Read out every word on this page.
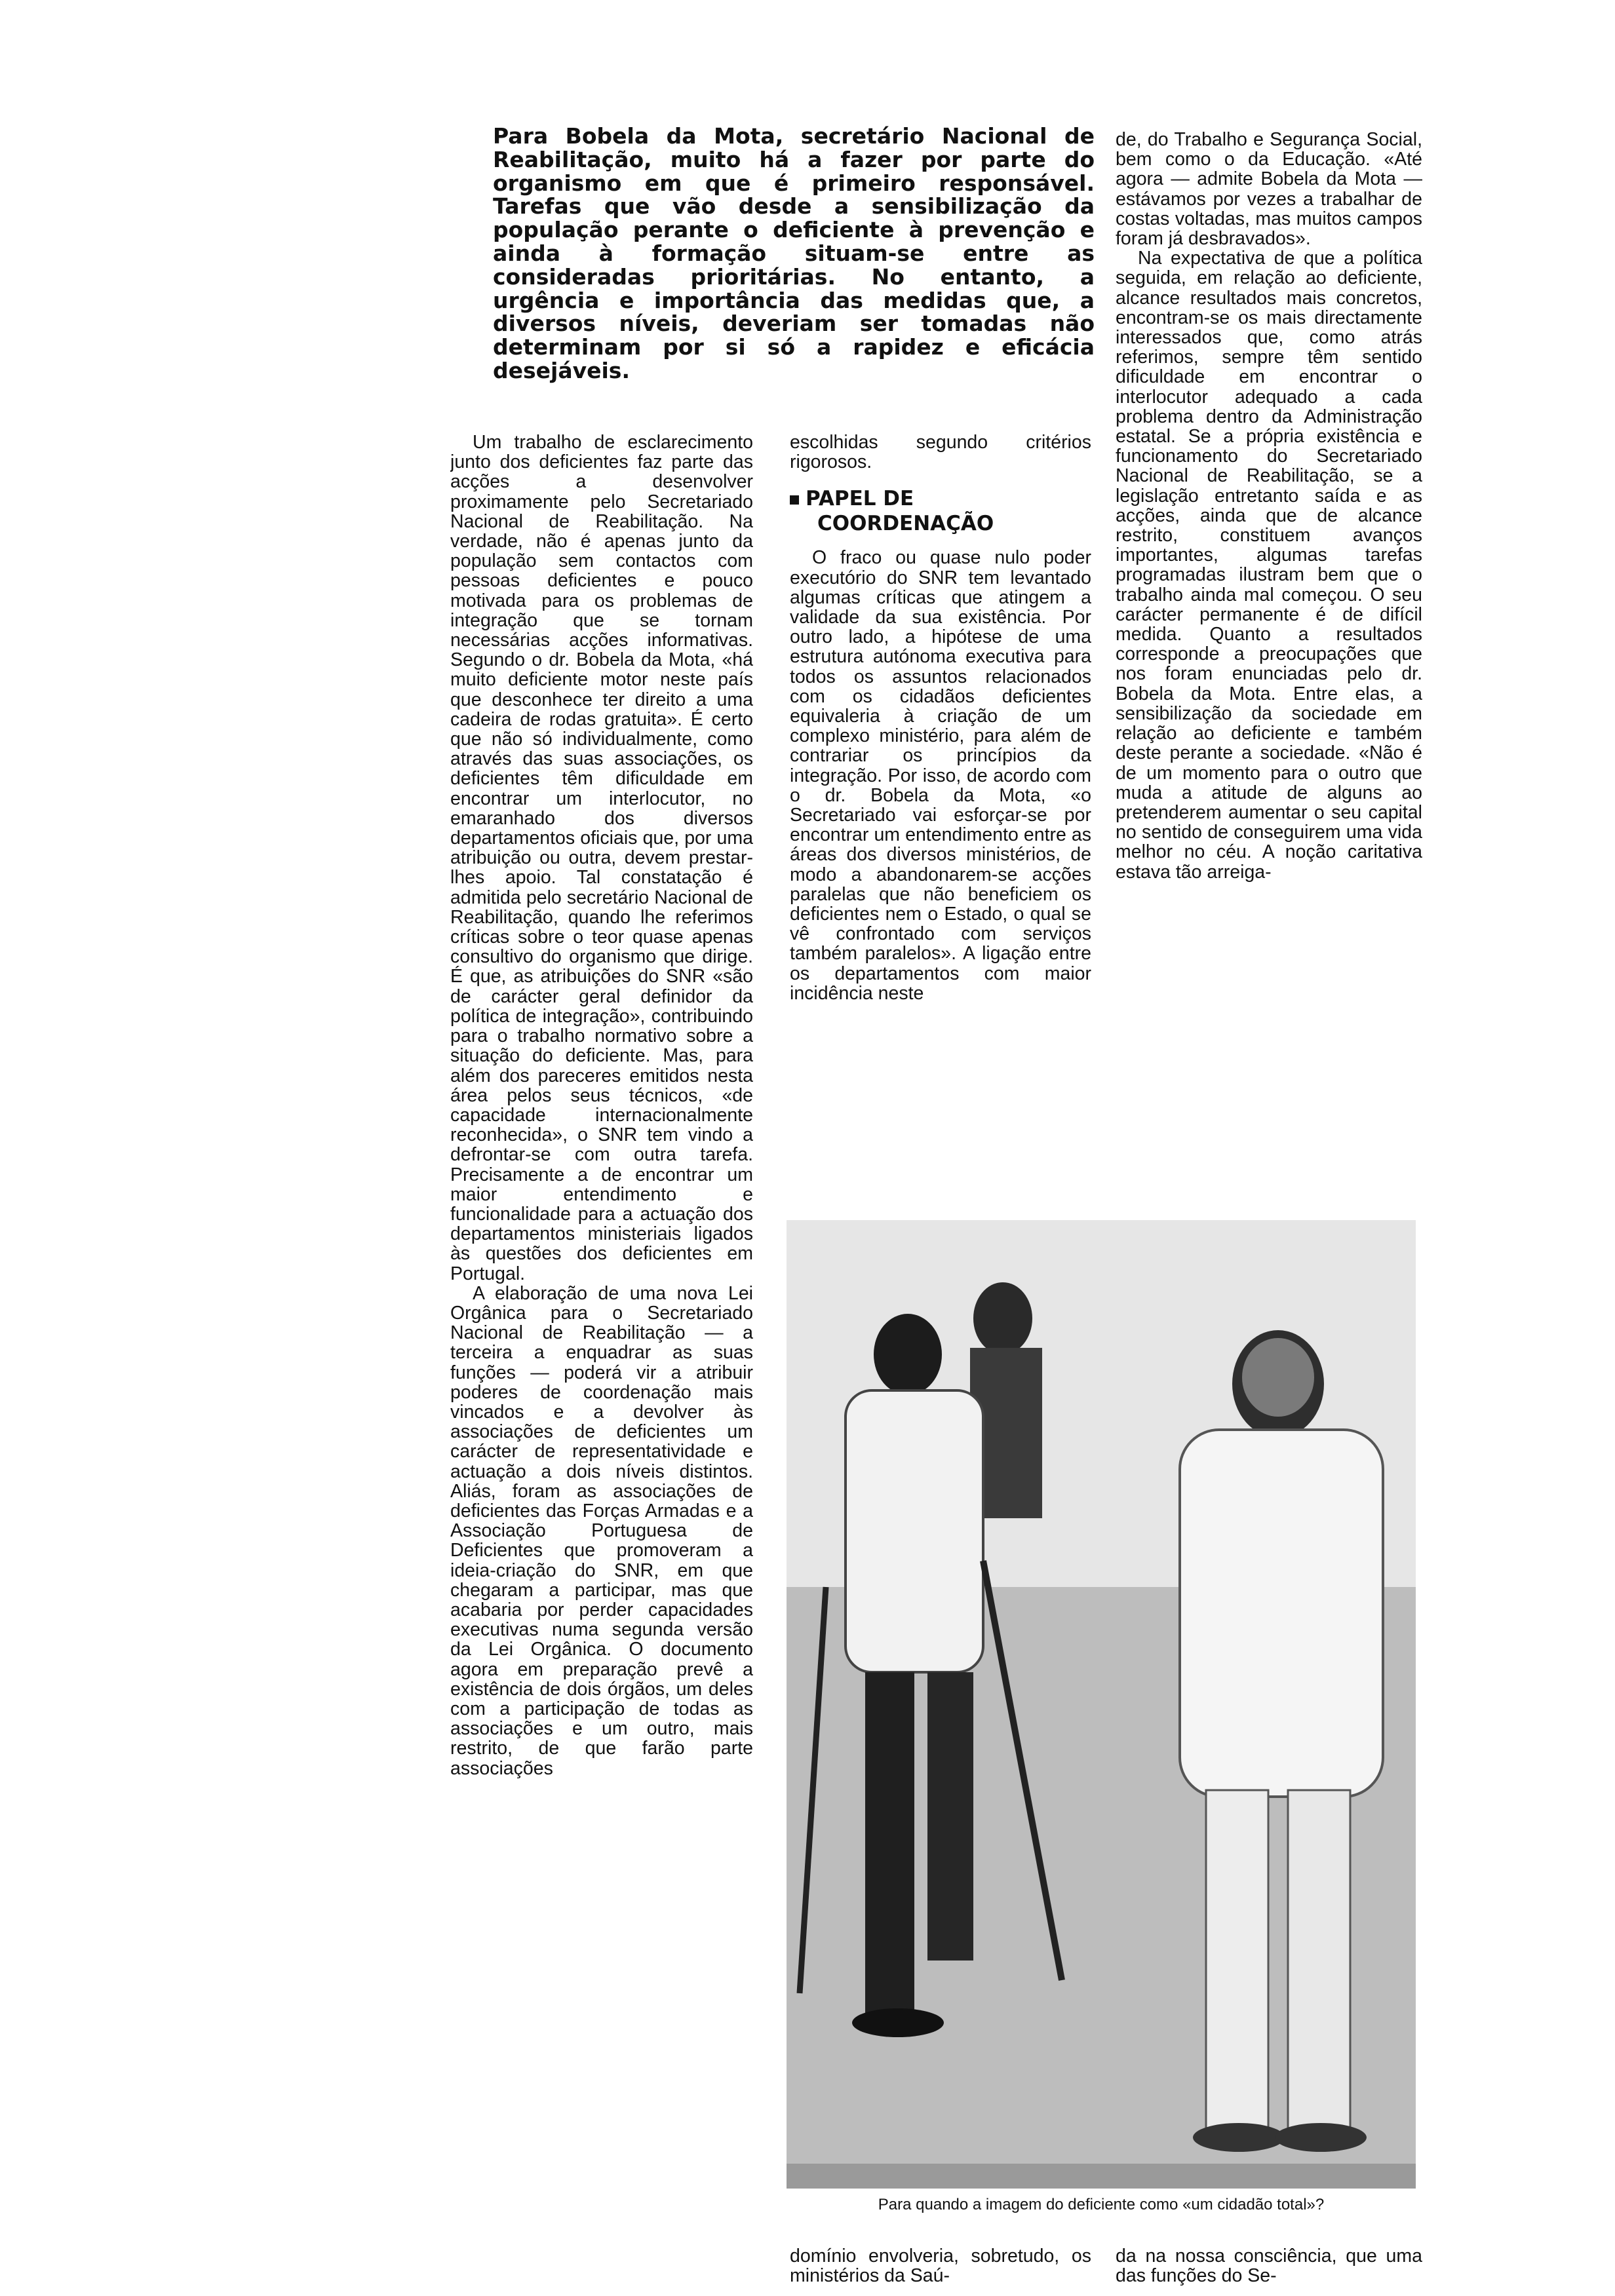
Para Bobela da Mota, secretário Nacional de Reabilitação, muito há a fazer por parte do organismo em que é primeiro responsável. Tarefas que vão desde a sensibilização da população perante o deficiente à prevenção e ainda à formação situam-se entre as consideradas prioritárias. No entanto, a urgência e importância das medidas que, a diversos níveis, deveriam ser tomadas não determinam por si só a rapidez e eficácia desejáveis.

Um trabalho de esclarecimento junto dos deficientes faz parte das acções a desenvolver proximamente pelo Secretariado Nacional de Reabilitação. Na verdade, não é apenas junto da população sem contactos com pessoas deficientes e pouco motivada para os problemas de integração que se tornam necessárias acções informativas. Segundo o dr. Bobela da Mota, «há muito deficiente motor neste país que desconhece ter direito a uma cadeira de rodas gratuita». É certo que não só individualmente, como através das suas associações, os deficientes têm dificuldade em encontrar um interlocutor, no emaranhado dos diversos departamentos oficiais que, por uma atribuição ou outra, devem prestar-lhes apoio. Tal constatação é admitida pelo secretário Nacional de Reabilitação, quando lhe referimos críticas sobre o teor quase apenas consultivo do organismo que dirige. É que, as atribuições do SNR «são de carácter geral definidor da política de integração», contribuindo para o trabalho normativo sobre a situação do deficiente. Mas, para além dos pareceres emitidos nesta área pelos seus técnicos, «de capacidade internacionalmente reconhecida», o SNR tem vindo a defrontar-se com outra tarefa. Precisamente a de encontrar um maior entendimento e funcionalidade para a actuação dos departamentos ministeriais ligados às questões dos deficientes em Portugal.

A elaboração de uma nova Lei Orgânica para o Secretariado Nacional de Reabilitação — a terceira a enquadrar as suas funções — poderá vir a atribuir poderes de coordenação mais vincados e a devolver às associações de deficientes um carácter de representatividade e actuação a dois níveis distintos. Aliás, foram as associações de deficientes das Forças Armadas e a Associação Portuguesa de Deficientes que promoveram a ideia-criação do SNR, em que chegaram a participar, mas que acabaria por perder capacidades executivas numa segunda versão da Lei Orgânica. O documento agora em preparação prevê a existência de dois órgãos, um deles com a participação de todas as associações e um outro, mais restrito, de que farão parte associações

escolhidas segundo critérios rigorosos.

PAPEL DE
COORDENAÇÃO

O fraco ou quase nulo poder executório do SNR tem levantado algumas críticas que atingem a validade da sua existência. Por outro lado, a hipótese de uma estrutura autónoma executiva para todos os assuntos relacionados com os cidadãos deficientes equivaleria à criação de um complexo ministério, para além de contrariar os princípios da integração. Por isso, de acordo com o dr. Bobela da Mota, «o Secretariado vai esforçar-se por encontrar um entendimento entre as áreas dos diversos ministérios, de modo a abandonarem-se acções paralelas que não beneficiem os deficientes nem o Estado, o qual se vê confrontado com serviços também paralelos». A ligação entre os departamentos com maior incidência neste

de, do Trabalho e Segurança Social, bem como o da Educação. «Até agora — admite Bobela da Mota — estávamos por vezes a trabalhar de costas voltadas, mas muitos campos foram já desbravados».

Na expectativa de que a política seguida, em relação ao deficiente, alcance resultados mais concretos, encontram-se os mais directamente interessados que, como atrás referimos, sempre têm sentido dificuldade em encontrar o interlocutor adequado a cada problema dentro da Administração estatal. Se a própria existência e funcionamento do Secretariado Nacional de Reabilitação, se a legislação entretanto saída e as acções, ainda que de alcance restrito, constituem avanços importantes, algumas tarefas programadas ilustram bem que o trabalho ainda mal começou. O seu carácter permanente é de difícil medida. Quanto a resultados corresponde a preocupações que nos foram enunciadas pelo dr. Bobela da Mota. Entre elas, a sensibilização da sociedade em relação ao deficiente e também deste perante a sociedade. «Não é de um momento para o outro que muda a atitude de alguns ao pretenderem aumentar o seu capital no sentido de conseguirem uma vida melhor no céu. A noção caritativa estava tão arreiga-

Para quando a imagem do deficiente como «um cidadão total»?

domínio envolveria, sobretudo, os ministérios da Saú-

da na nossa consciência, que uma das funções do Se-
